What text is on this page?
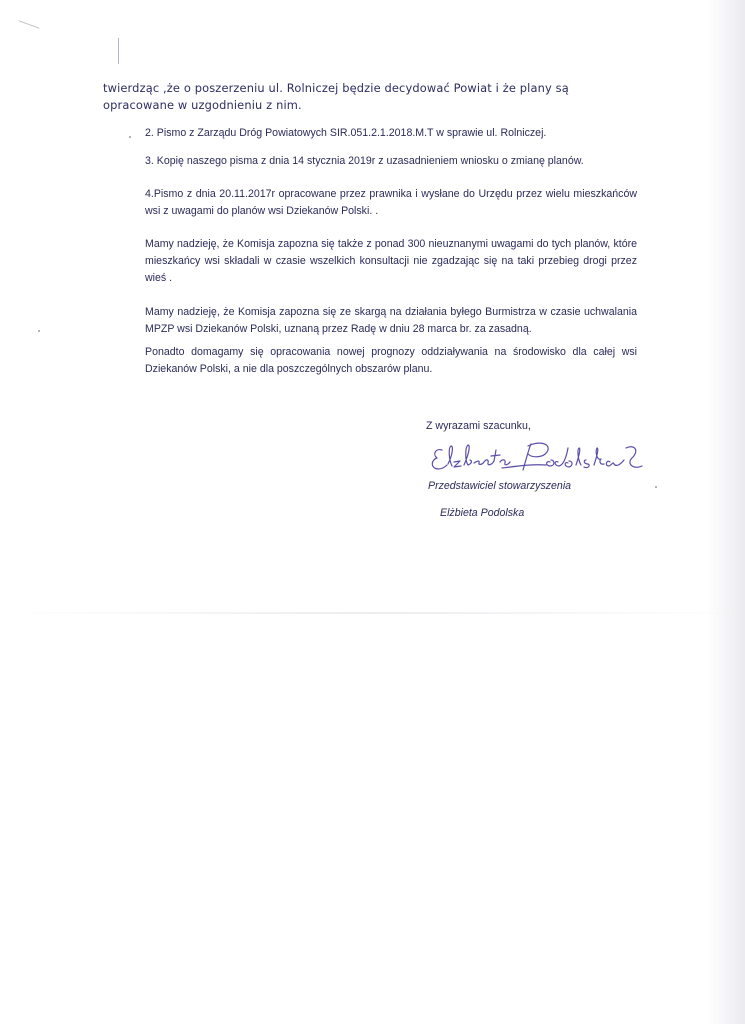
twierdząc ,że o poszerzeniu ul. Rolniczej będzie decydować Powiat i że plany są

opracowane w uzgodnieniu z nim.

2. Pismo z Zarządu Dróg Powiatowych SIR.051.2.1.2018.M.T w sprawie ul. Rolniczej.

3. Kopię naszego pisma z dnia 14 stycznia 2019r z uzasadnieniem wniosku o zmianę planów.

4.Pismo z dnia 20.11.2017r opracowane przez prawnika i wysłane do Urzędu przez wielu mieszkańców wsi z uwagami do planów wsi Dziekanów Polski. .

Mamy nadzieję, że Komisja zapozna się także z ponad 300 nieuznanymi uwagami do tych planów, które mieszkańcy wsi składali w czasie wszelkich konsultacji nie zgadzając się na taki przebieg drogi przez wieś .

Mamy nadzieję, że Komisja zapozna się ze skargą na działania byłego Burmistrza w czasie uchwalania MPZP wsi Dziekanów Polski, uznaną przez Radę w dniu 28 marca br. za zasadną.

Ponadto domagamy się opracowania nowej prognozy oddziaływania na środowisko dla całej wsi Dziekanów Polski, a nie dla poszczególnych obszarów planu.

Z wyrazami szacunku,
Przedstawiciel stowarzyszenia
Elżbieta Podolska
